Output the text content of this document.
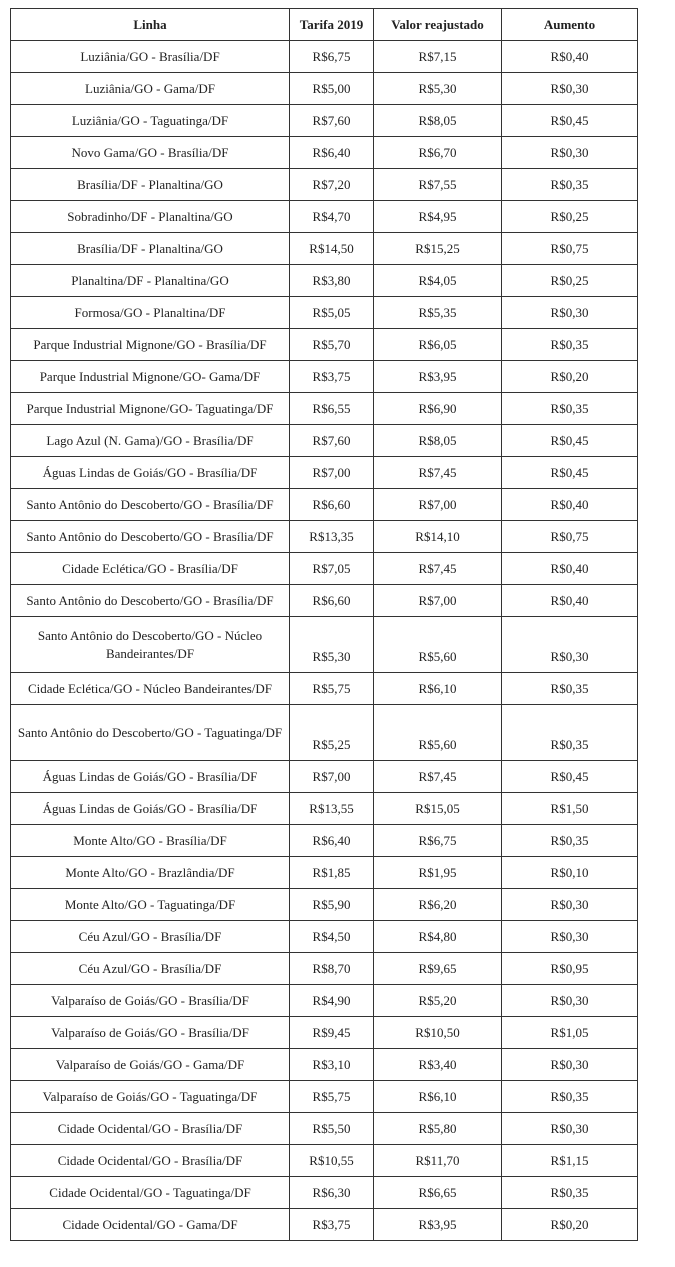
Linha	Tarifa 2019	Valor reajustado	Aumento
Luziânia/GO - Brasília/DF	R$6,75	R$7,15	R$0,40
Luziânia/GO - Gama/DF	R$5,00	R$5,30	R$0,30
Luziânia/GO - Taguatinga/DF	R$7,60	R$8,05	R$0,45
Novo Gama/GO - Brasília/DF	R$6,40	R$6,70	R$0,30
Brasília/DF - Planaltina/GO	R$7,20	R$7,55	R$0,35
Sobradinho/DF - Planaltina/GO	R$4,70	R$4,95	R$0,25
Brasília/DF - Planaltina/GO	R$14,50	R$15,25	R$0,75
Planaltina/DF - Planaltina/GO	R$3,80	R$4,05	R$0,25
Formosa/GO - Planaltina/DF	R$5,05	R$5,35	R$0,30
Parque Industrial Mignone/GO - Brasília/DF	R$5,70	R$6,05	R$0,35
Parque Industrial Mignone/GO- Gama/DF	R$3,75	R$3,95	R$0,20
Parque Industrial Mignone/GO- Taguatinga/DF	R$6,55	R$6,90	R$0,35
Lago Azul (N. Gama)/GO - Brasília/DF	R$7,60	R$8,05	R$0,45
Águas Lindas de Goiás/GO - Brasília/DF	R$7,00	R$7,45	R$0,45
Santo Antônio do Descoberto/GO - Brasília/DF	R$6,60	R$7,00	R$0,40
Santo Antônio do Descoberto/GO - Brasília/DF	R$13,35	R$14,10	R$0,75
Cidade Eclética/GO - Brasília/DF	R$7,05	R$7,45	R$0,40
Santo Antônio do Descoberto/GO - Brasília/DF	R$6,60	R$7,00	R$0,40
Santo Antônio do Descoberto/GO - Núcleo Bandeirantes/DF	R$5,30	R$5,60	R$0,30
Cidade Eclética/GO - Núcleo Bandeirantes/DF	R$5,75	R$6,10	R$0,35
Santo Antônio do Descoberto/GO - Taguatinga/DF	R$5,25	R$5,60	R$0,35
Águas Lindas de Goiás/GO - Brasília/DF	R$7,00	R$7,45	R$0,45
Águas Lindas de Goiás/GO - Brasília/DF	R$13,55	R$15,05	R$1,50
Monte Alto/GO - Brasília/DF	R$6,40	R$6,75	R$0,35
Monte Alto/GO - Brazlândia/DF	R$1,85	R$1,95	R$0,10
Monte Alto/GO - Taguatinga/DF	R$5,90	R$6,20	R$0,30
Céu Azul/GO - Brasília/DF	R$4,50	R$4,80	R$0,30
Céu Azul/GO - Brasília/DF	R$8,70	R$9,65	R$0,95
Valparaíso de Goiás/GO - Brasília/DF	R$4,90	R$5,20	R$0,30
Valparaíso de Goiás/GO - Brasília/DF	R$9,45	R$10,50	R$1,05
Valparaíso de Goiás/GO - Gama/DF	R$3,10	R$3,40	R$0,30
Valparaíso de Goiás/GO - Taguatinga/DF	R$5,75	R$6,10	R$0,35
Cidade Ocidental/GO - Brasília/DF	R$5,50	R$5,80	R$0,30
Cidade Ocidental/GO - Brasília/DF	R$10,55	R$11,70	R$1,15
Cidade Ocidental/GO - Taguatinga/DF	R$6,30	R$6,65	R$0,35
Cidade Ocidental/GO - Gama/DF	R$3,75	R$3,95	R$0,20
